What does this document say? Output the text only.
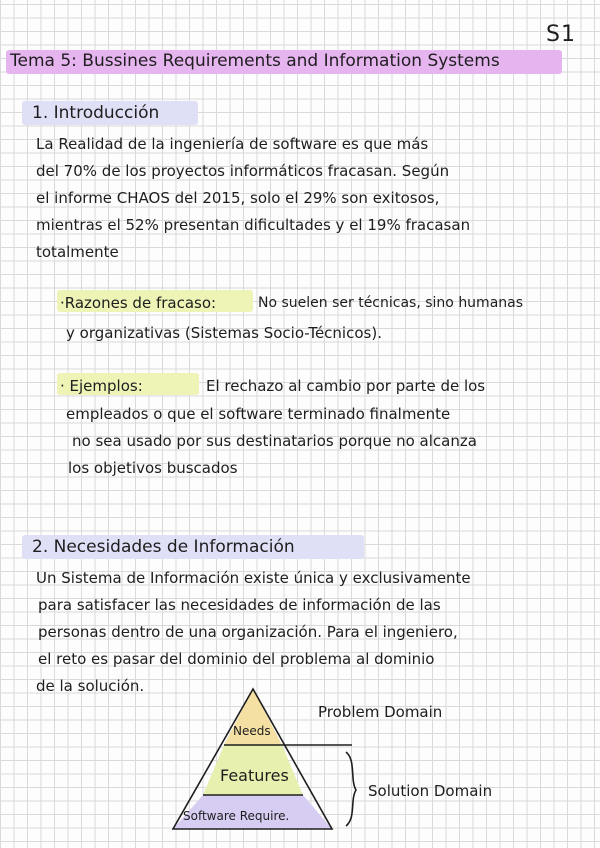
S1
Tema 5: Bussines Requirements and Information Systems
1. Introducción
La Realidad de la ingeniería de software es que más
del 70% de los proyectos informáticos fracasan. Según
el informe CHAOS del 2015, solo el 29% son exitosos,
mientras el 52% presentan dificultades y el 19% fracasan
totalmente
·Razones de fracaso:	No suelen ser técnicas, sino humanas
y organizativas (Sistemas Socio-Técnicos).
· Ejemplos:	El rechazo al cambio por parte de los
empleados o que el software terminado finalmente
no sea usado por sus destinatarios porque no alcanza
los objetivos buscados
2. Necesidades de Información
Un Sistema de Información existe única y exclusivamente
para satisfacer las necesidades de información de las
personas dentro de una organización. Para el ingeniero,
el reto es pasar del dominio del problema al dominio
de la solución.
Needs
Features
Software Require.
Problem Domain
Solution Domain
